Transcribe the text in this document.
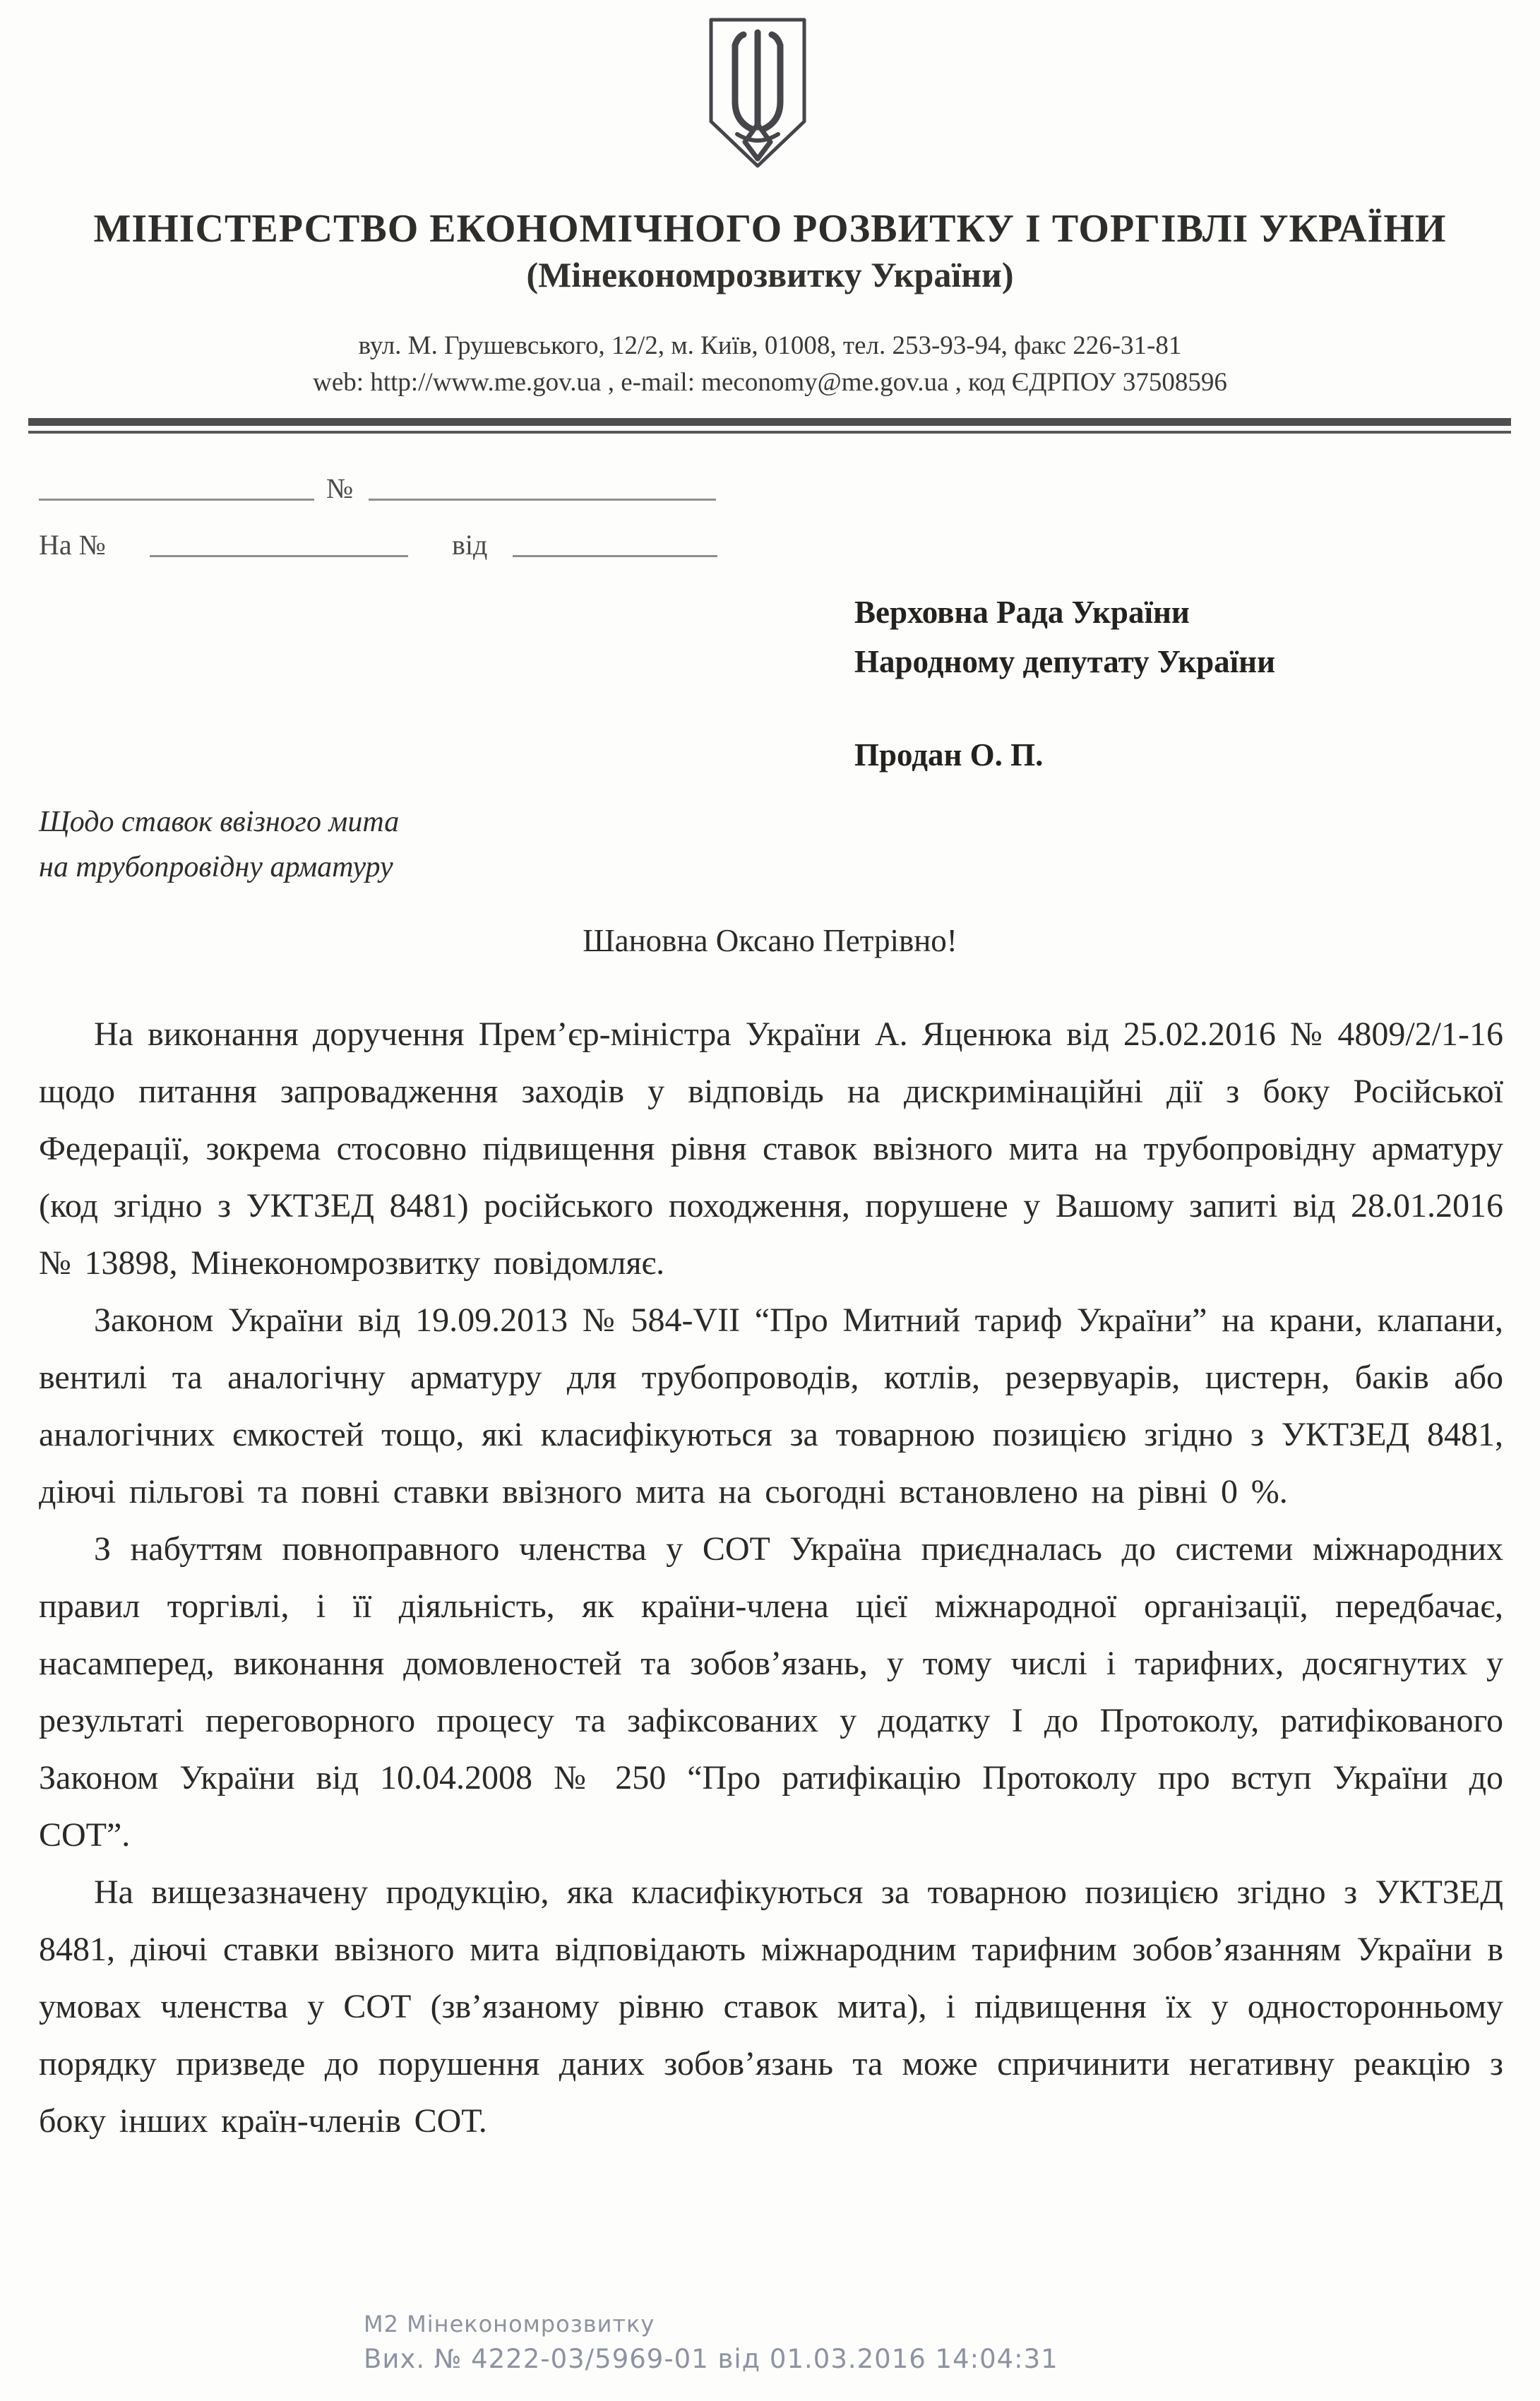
МІНІСТЕРСТВО ЕКОНОМІЧНОГО РОЗВИТКУ І ТОРГІВЛІ УКРАЇНИ
(Мінекономрозвитку України)
вул. М. Грушевського, 12/2, м. Київ, 01008, тел. 253-93-94, факс 226-31-81
web: http://www.me.gov.ua , e-mail: meconomy@me.gov.ua , код ЄДРПОУ 37508596
№
На №	від
Верховна Рада України
Народному депутату України
Продан О. П.
Щодо ставок ввізного мита
на трубопровідну арматуру
Шановна Оксано Петрівно!

На виконання доручення Прем’єр-міністра України А. Яценюка від 25.02.2016 № 4809/2/1-16 щодо питання запровадження заходів у відповідь на дискримінаційні дії з боку Російської Федерації, зокрема стосовно підвищення рівня ставок ввізного мита на трубопровідну арматуру (код згідно з УКТЗЕД 8481) російського походження, порушене у Вашому запиті від 28.01.2016 № 13898, Мінекономрозвитку повідомляє.

Законом України від 19.09.2013 № 584-VII “Про Митний тариф України” на крани, клапани, вентилі та аналогічну арматуру для трубопроводів, котлів, резервуарів, цистерн, баків або аналогічних ємкостей тощо, які класифікуються за товарною позицією згідно з УКТЗЕД 8481, діючі пільгові та повні ставки ввізного мита на сьогодні встановлено на рівні 0 %.

З набуттям повноправного членства у СОТ Україна приєдналась до системи міжнародних правил торгівлі, і її діяльність, як країни-члена цієї міжнародної організації, передбачає, насамперед, виконання домовленостей та зобов’язань, у тому числі і тарифних, досягнутих у результаті переговорного процесу та зафіксованих у додатку І до Протоколу, ратифікованого Законом України від 10.04.2008 № 250 “Про ратифікацію Протоколу про вступ України до СОТ”.

На вищезазначену продукцію, яка класифікуються за товарною позицією згідно з УКТЗЕД 8481, діючі ставки ввізного мита відповідають міжнародним тарифним зобов’язанням України в умовах членства у СОТ (зв’язаному рівню ставок мита), і підвищення їх у односторонньому порядку призведе до порушення даних зобов’язань та може спричинити негативну реакцію з боку інших країн-членів СОТ.

М2 Мінекономрозвитку
Вих. № 4222-03/5969-01 від 01.03.2016 14:04:31
